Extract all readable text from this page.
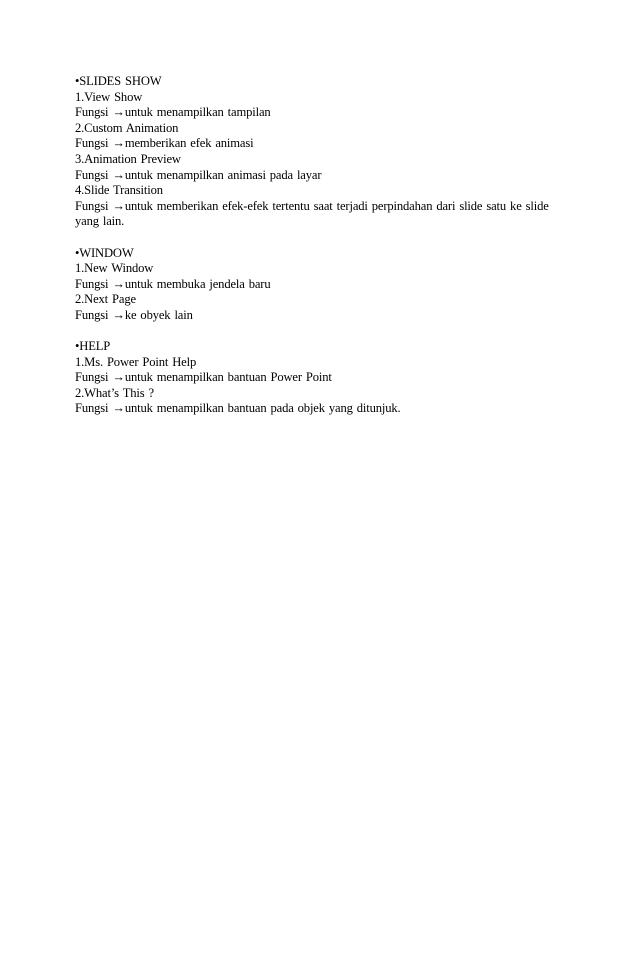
•SLIDES SHOW
1.View Show
Fungsi →untuk menampilkan tampilan
2.Custom Animation
Fungsi →memberikan efek animasi
3.Animation Preview
Fungsi →untuk menampilkan animasi pada layar
4.Slide Transition
Fungsi →untuk memberikan efek-efek tertentu saat terjadi perpindahan dari slide satu ke slide yang lain.
•WINDOW
1.New Window
Fungsi →untuk membuka jendela baru
2.Next Page
Fungsi →ke obyek lain
•HELP
1.Ms. Power Point Help
Fungsi →untuk menampilkan bantuan Power Point
2.What’s This ?
Fungsi →untuk menampilkan bantuan pada objek yang ditunjuk.
